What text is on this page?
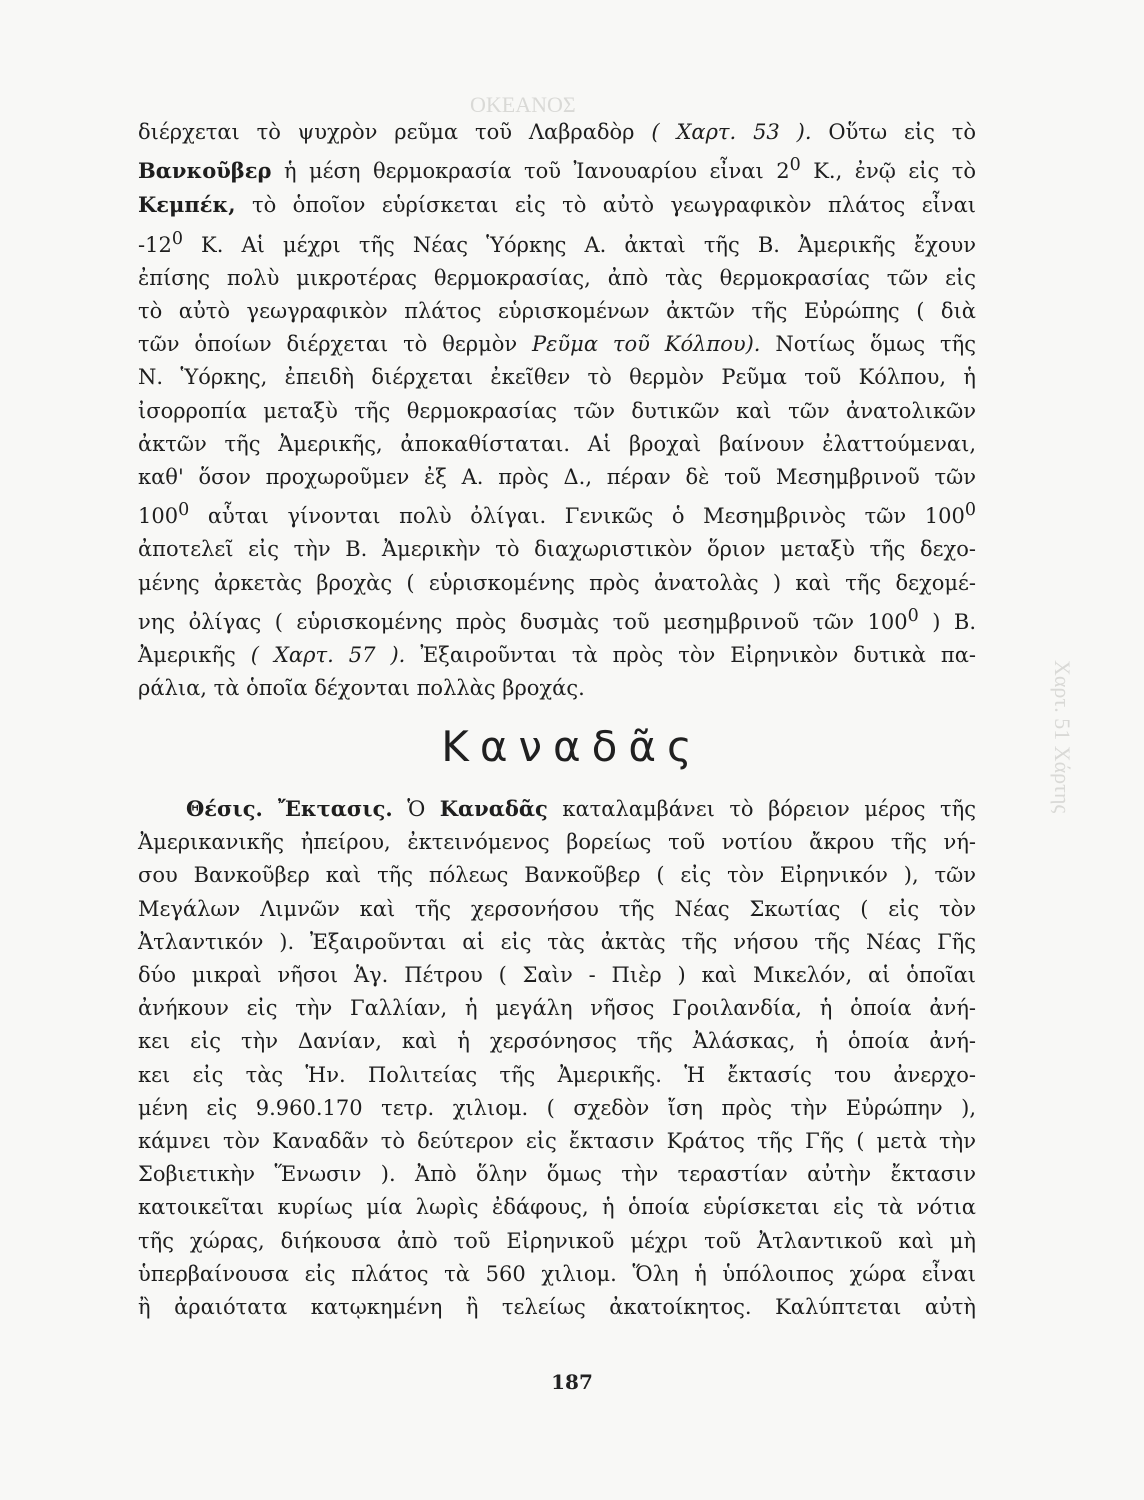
ΟΚΕΑΝΟΣ
Χαρτ. 51 Χάρτης

διέρχεται τὸ ψυχρὸν ρεῦμα τοῦ Λαβραδὸρ ( Χαρτ. 53 ). Οὕτω εἰς τὸ

Βανκοῦβερ ἡ μέση θερμοκρασία τοῦ Ἰανουαρίου εἶναι $2^0$ Κ., ἐνῷ εἰς τὸ

Κεμπέκ, τὸ ὁποῖον εὑρίσκεται εἰς τὸ αὐτὸ γεωγραφικὸν πλάτος εἶναι

$-12^0$ Κ. Αἱ μέχρι τῆς Νέας Ὑόρκης Α. ἀκταὶ τῆς Β. Ἀμερικῆς ἔχουν

ἐπίσης πολὺ μικροτέρας θερμοκρασίας, ἀπὸ τὰς θερμοκρασίας τῶν εἰς

τὸ αὐτὸ γεωγραφικὸν πλάτος εὑρισκομένων ἀκτῶν τῆς Εὐρώπης ( διὰ

τῶν ὁποίων διέρχεται τὸ θερμὸν Ρεῦμα τοῦ Κόλπου). Νοτίως ὅμως τῆς

Ν. Ὑόρκης, ἐπειδὴ διέρχεται ἐκεῖθεν τὸ θερμὸν Ρεῦμα τοῦ Κόλπου, ἡ

ἰσορροπία μεταξὺ τῆς θερμοκρασίας τῶν δυτικῶν καὶ τῶν ἀνατολικῶν

ἀκτῶν τῆς Ἀμερικῆς, ἀποκαθίσταται. Αἱ βροχαὶ βαίνουν ἐλαττούμεναι,

καθ' ὅσον προχωροῦμεν ἐξ Α. πρὸς Δ., πέραν δὲ τοῦ Μεσημβρινοῦ τῶν

$100^0$ αὗται γίνονται πολὺ ὀλίγαι. Γενικῶς ὁ Μεσημβρινὸς τῶν $100^0$

ἀποτελεῖ εἰς τὴν Β. Ἀμερικὴν τὸ διαχωριστικὸν ὅριον μεταξὺ τῆς δεχο-

μένης ἀρκετὰς βροχὰς ( εὑρισκομένης πρὸς ἀνατολὰς ) καὶ τῆς δεχομέ-

νης ὀλίγας ( εὑρισκομένης πρὸς δυσμὰς τοῦ μεσημβρινοῦ τῶν $100^0$ ) Β.

Ἀμερικῆς ( Χαρτ. 57 ). Ἐξαιροῦνται τὰ πρὸς τὸν Εἰρηνικὸν δυτικὰ πα-

ράλια, τὰ ὁποῖα δέχονται πολλὰς βροχάς.

Καναδᾶς

Θέσις. Ἔκτασις. Ὁ Καναδᾶς καταλαμβάνει τὸ βόρειον μέρος τῆς

Ἀμερικανικῆς ἠπείρου, ἐκτεινόμενος βορείως τοῦ νοτίου ἄκρου τῆς νή-

σου Βανκοῦβερ καὶ τῆς πόλεως Βανκοῦβερ ( εἰς τὸν Εἰρηνικόν ), τῶν

Μεγάλων Λιμνῶν καὶ τῆς χερσονήσου τῆς Νέας Σκωτίας ( εἰς τὸν

Ἀτλαντικόν ). Ἐξαιροῦνται αἱ εἰς τὰς ἀκτὰς τῆς νήσου τῆς Νέας Γῆς

δύο μικραὶ νῆσοι Ἁγ. Πέτρου ( Σαὶν - Πιὲρ ) καὶ Μικελόν, αἱ ὁποῖαι

ἀνήκουν εἰς τὴν Γαλλίαν, ἡ μεγάλη νῆσος Γροιλανδία, ἡ ὁποία ἀνή-

κει εἰς τὴν Δανίαν, καὶ ἡ χερσόνησος τῆς Ἀλάσκας, ἡ ὁποία ἀνή-

κει εἰς τὰς Ἡν. Πολιτείας τῆς Ἀμερικῆς. Ἡ ἔκτασίς του ἀνερχο-

μένη εἰς 9.960.170 τετρ. χιλιομ. ( σχεδὸν ἴση πρὸς τὴν Εὐρώπην ),

κάμνει τὸν Καναδᾶν τὸ δεύτερον εἰς ἔκτασιν Κράτος τῆς Γῆς ( μετὰ τὴν

Σοβιετικὴν Ἕνωσιν ). Ἀπὸ ὅλην ὅμως τὴν τεραστίαν αὐτὴν ἔκτασιν

κατοικεῖται κυρίως μία λωρὶς ἐδάφους, ἡ ὁποία εὑρίσκεται εἰς τὰ νότια

τῆς χώρας, διήκουσα ἀπὸ τοῦ Εἰρηνικοῦ μέχρι τοῦ Ἀτλαντικοῦ καὶ μὴ

ὑπερβαίνουσα εἰς πλάτος τὰ 560 χιλιομ. Ὅλη ἡ ὑπόλοιπος χώρα εἶναι

ἢ ἀραιότατα κατῳκημένη ἢ τελείως ἀκατοίκητος. Καλύπτεται αὐτὴ

187
